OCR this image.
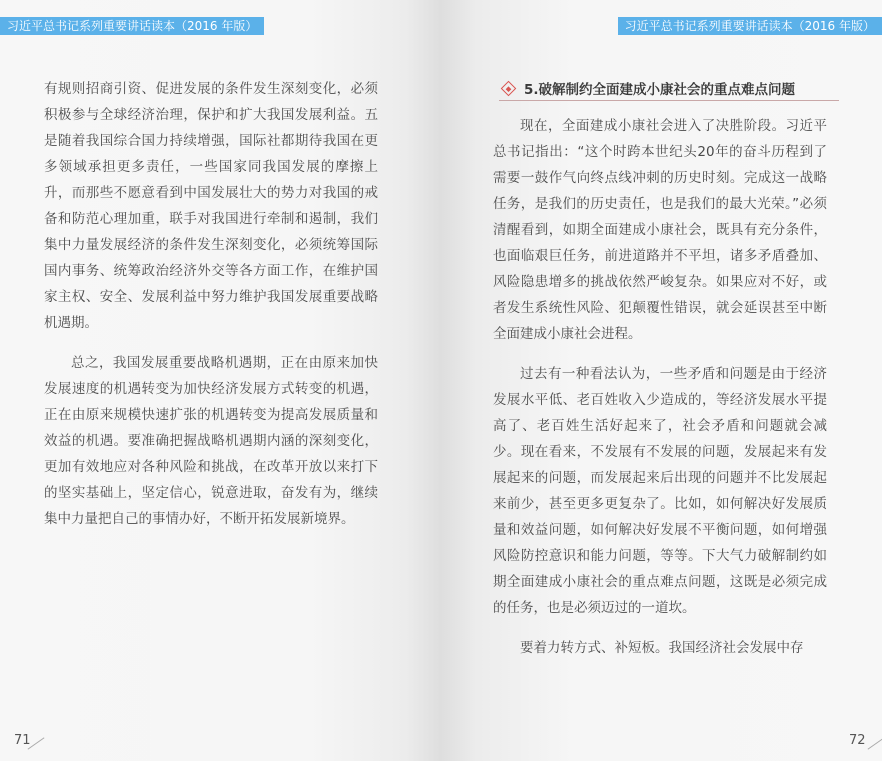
习近平总书记系列重要讲话读本（2016 年版）

有规则招商引资、促进发展的条件发生深刻变化，必须积极参与全球经济治理，保护和扩大我国发展利益。五是随着我国综合国力持续增强，国际社都期待我国在更多领域承担更多责任，一些国家同我国发展的摩擦上升，而那些不愿意看到中国发展壮大的势力对我国的戒备和防范心理加重，联手对我国进行牵制和遏制，我们集中力量发展经济的条件发生深刻变化，必须统筹国际国内事务、统筹政治经济外交等各方面工作，在维护国家主权、安全、发展利益中努力维护我国发展重要战略机遇期。

总之，我国发展重要战略机遇期，正在由原来加快发展速度的机遇转变为加快经济发展方式转变的机遇，正在由原来规模快速扩张的机遇转变为提高发展质量和效益的机遇。要准确把握战略机遇期内涵的深刻变化，更加有效地应对各种风险和挑战，在改革开放以来打下的坚实基础上，坚定信心，锐意进取，奋发有为，继续集中力量把自己的事情办好，不断开拓发展新境界。

71
习近平总书记系列重要讲话读本（2016 年版）
5.破解制约全面建成小康社会的重点难点问题

现在，全面建成小康社会进入了决胜阶段。习近平总书记指出：“这个时跨本世纪头20年的奋斗历程到了需要一鼓作气向终点线冲刺的历史时刻。完成这一战略任务，是我们的历史责任，也是我们的最大光荣。”必须清醒看到，如期全面建成小康社会，既具有充分条件，也面临艰巨任务，前进道路并不平坦，诸多矛盾叠加、风险隐患增多的挑战依然严峻复杂。如果应对不好，或者发生系统性风险、犯颠覆性错误，就会延误甚至中断全面建成小康社会进程。

过去有一种看法认为，一些矛盾和问题是由于经济发展水平低、老百姓收入少造成的，等经济发展水平提高了、老百姓生活好起来了，社会矛盾和问题就会减少。现在看来，不发展有不发展的问题，发展起来有发展起来的问题，而发展起来后出现的问题并不比发展起来前少，甚至更多更复杂了。比如，如何解决好发展质量和效益问题，如何解决好发展不平衡问题，如何增强风险防控意识和能力问题，等等。下大气力破解制约如期全面建成小康社会的重点难点问题，这既是必须完成的任务，也是必须迈过的一道坎。

要着力转方式、补短板。我国经济社会发展中存

72
